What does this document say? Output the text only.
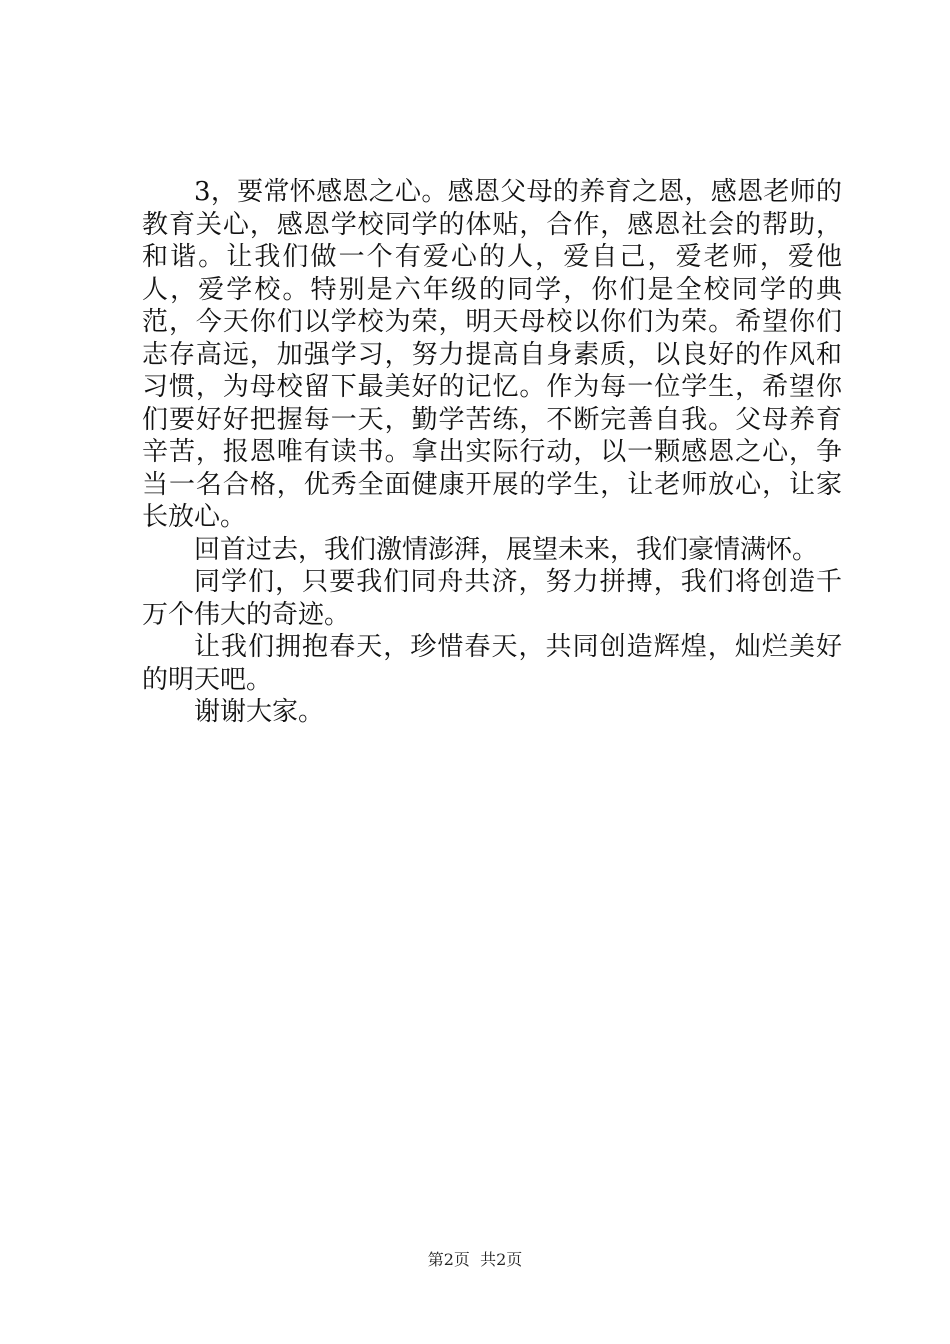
3，要常怀感恩之心。感恩父母的养育之恩，感恩老师的教育关心，感恩学校同学的体贴，合作，感恩社会的帮助，和谐。让我们做一个有爱心的人，爱自己，爱老师，爱他人，爱学校。特别是六年级的同学，你们是全校同学的典范，今天你们以学校为荣，明天母校以你们为荣。希望你们志存高远，加强学习，努力提高自身素质，以良好的作风和习惯，为母校留下最美好的记忆。作为每一位学生，希望你们要好好把握每一天，勤学苦练，不断完善自我。父母养育辛苦，报恩唯有读书。拿出实际行动，以一颗感恩之心，争当一名合格，优秀全面健康开展的学生，让老师放心，让家长放心。

回首过去，我们激情澎湃，展望未来，我们豪情满怀。

同学们，只要我们同舟共济，努力拼搏，我们将创造千万个伟大的奇迹。

让我们拥抱春天，珍惜春天，共同创造辉煌，灿烂美好的明天吧。

谢谢大家。

第2页  共2页
